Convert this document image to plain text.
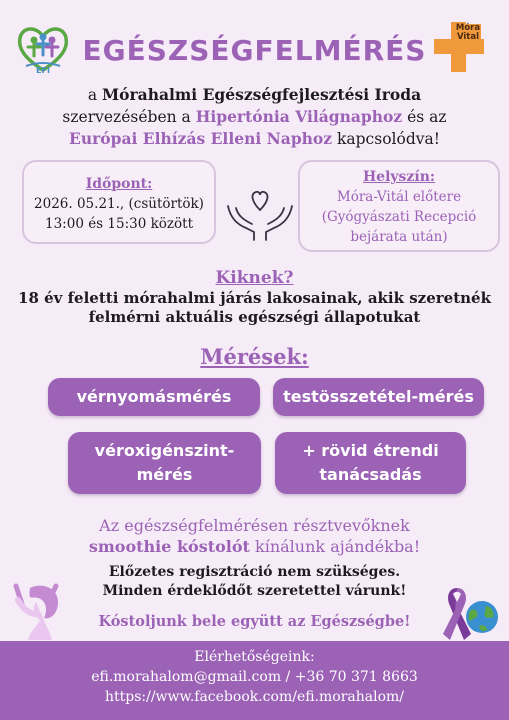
EFI
EGÉSZSÉGFELMÉRÉS
Móra
Vital
a Mórahalmi Egészségfejlesztési Iroda
szervezésében a Hipertónia Világnaphoz és az
Európai Elhízás Elleni Naphoz kapcsolódva!
Időpont:
2026. 05.21., (csütörtök)
13:00 és 15:30 között
Helyszín:
Móra-Vitál előtere
(Gyógyászati Recepció
bejárata után)
Kiknek?
18 év feletti mórahalmi járás lakosainak, akik szeretnék
felmérni aktuális egészségi állapotukat
Mérések:
vérnyomásmérés	testösszetétel-mérés
véroxigénszint-
mérés
+ rövid étrendi
tanácsadás
Az egészségfelmérésen résztvevőknek
smoothie kóstolót kínálunk ajándékba!
Előzetes regisztráció nem szükséges.
Minden érdeklődőt szeretettel várunk!
Kóstoljunk bele együtt az Egészségbe!
Elérhetőségeink:
efi.morahalom@gmail.com / +36 70 371 8663
https://www.facebook.com/efi.morahalom/
